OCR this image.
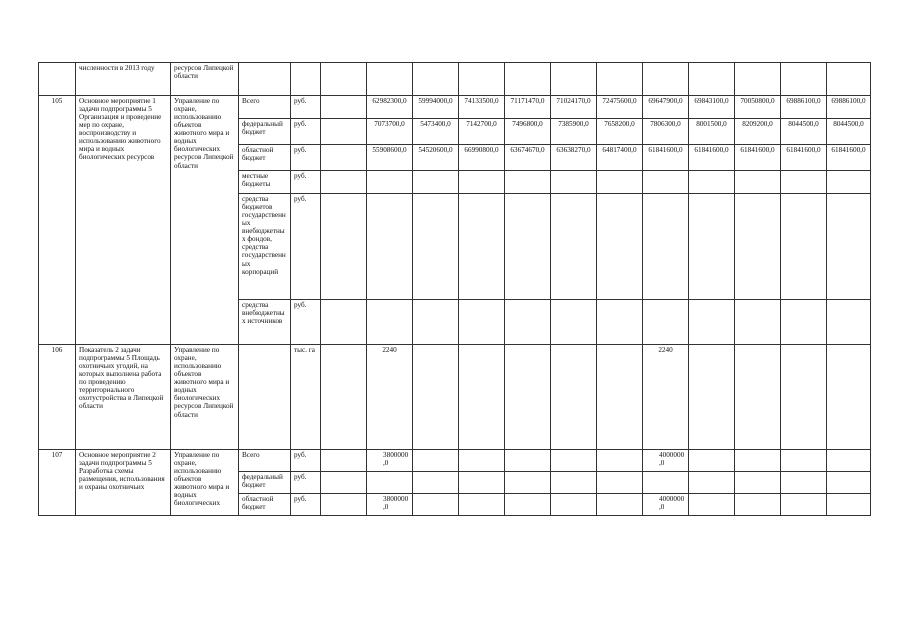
	численности в 2013 году	ресурсов Липецкой области														
105	Основное мероприятие 1 задачи подпрограммы 5 Организация и проведение мер по охране, воспроизводству и использованию животного мира и водных биологических ресурсов	Управление по охране, использованию объектов животного мира и водных биологических ресурсов Липецкой области	Всего	руб.		62982300,0	59994000,0	74133500,0	71171470,0	71024170,0	72475600,0	69647900,0	69843100,0	70050800,0	69886100,0	69886100,0
			федеральный бюджет	руб.		7073700,0	5473400,0	7142700,0	7496800,0	7385900,0	7658200,0	7806300,0	8001500,0	8209200,0	8044500,0	8044500,0
			областной бюджет	руб.		55908600,0	54520600,0	66990800,0	63674670,0	63638270,0	64817400,0	61841600,0	61841600,0	61841600,0	61841600,0	61841600,0
			местные бюджеты	руб.												
			средства бюджетов государственных внебюджетных фондов, средства государственных корпораций	руб.												
			средства внебюджетных источников	руб.												
106	Показатель 2 задачи подпрограммы 5 Площадь охотничьих угодий, на которых выполнена работа по проведению территориального охотустройства в Липецкой области	Управление по охране, использованию объектов животного мира и водных биологических ресурсов Липецкой области		тыс. га		2240						2240				
107	Основное мероприятие 2 задачи подпрограммы 5 Разработка схемы размещения, использования и охраны охотничьих	Управление по охране, использованию объектов животного мира и водных биологических	Всего	руб.		3800000,0						4000000,0				
			федеральный бюджет	руб.												
			областной бюджет	руб.		3800000,0						4000000,0				
